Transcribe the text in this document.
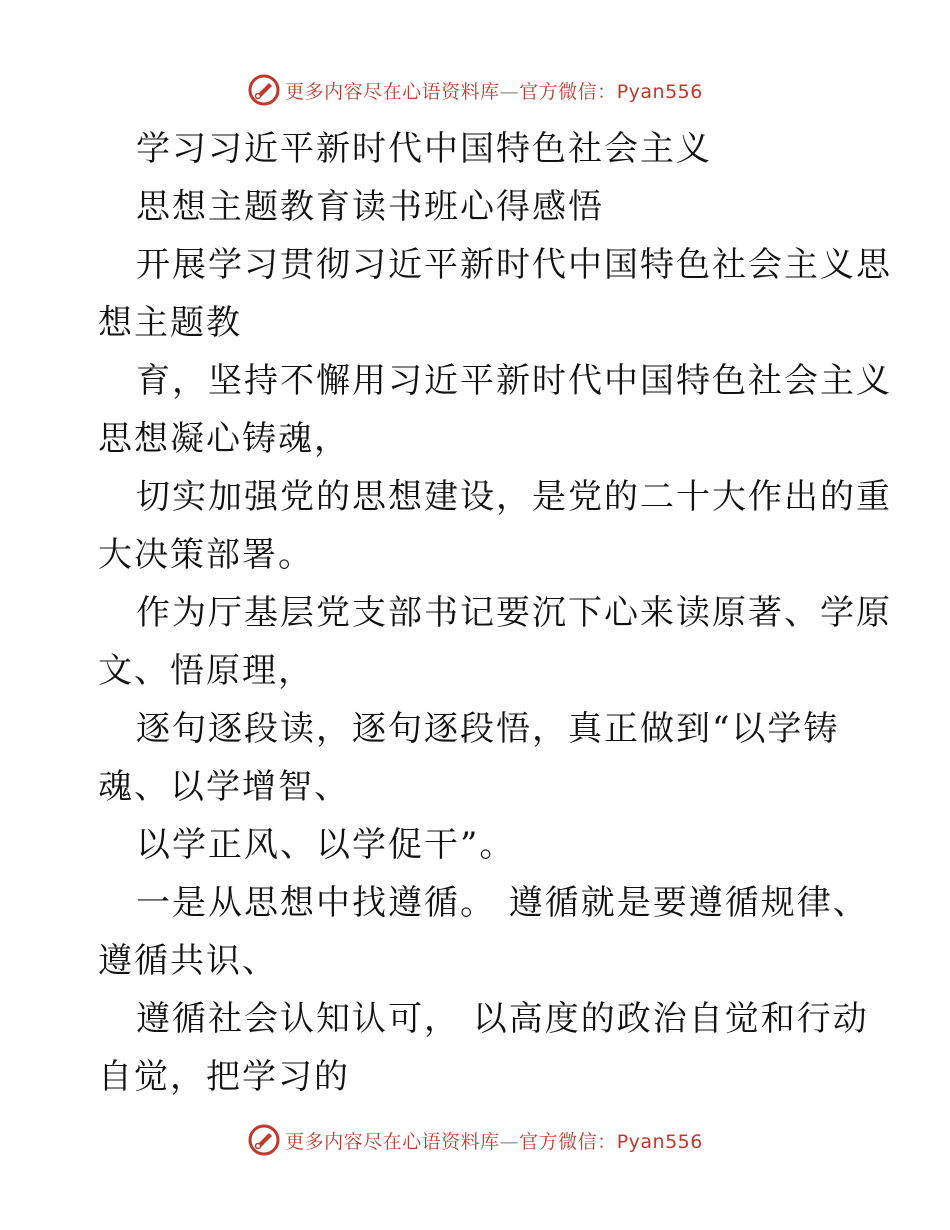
更多内容尽在心语资料库—官方微信：Pyan556
学习习近平新时代中国特色社会主义
思想主题教育读书班心得感悟
开展学习贯彻习近平新时代中国特色社会主义思
想主题教
育，坚持不懈用习近平新时代中国特色社会主义
思想凝心铸魂，
切实加强党的思想建设，是党的二十大作出的重
大决策部署。
作为厅基层党支部书记要沉下心来读原著、学原
文、悟原理，
逐句逐段读，逐句逐段悟，真正做到“以学铸
魂、以学增智、
以学正风、以学促干”。
一是从思想中找遵循。 遵循就是要遵循规律、
遵循共识、
遵循社会认知认可， 以高度的政治自觉和行动
自觉，把学习的
更多内容尽在心语资料库—官方微信：Pyan556
